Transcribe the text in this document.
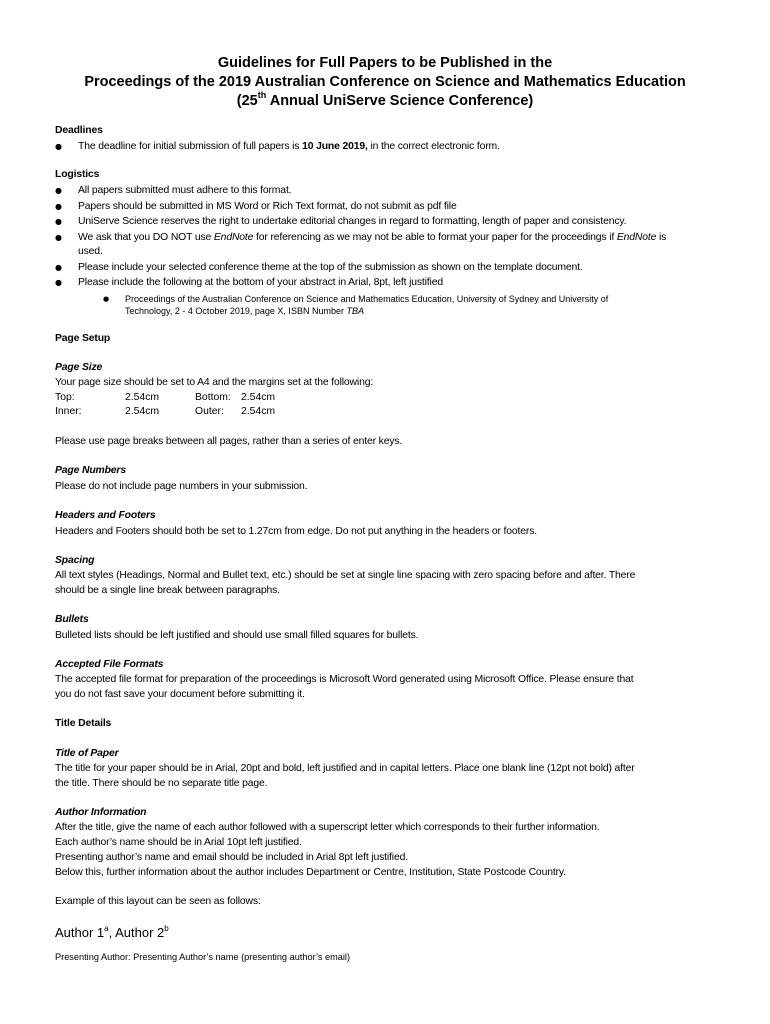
Guidelines for Full Papers to be Published in the
Proceedings of the 2019 Australian Conference on Science and Mathematics Education
(25th Annual UniServe Science Conference)
Deadlines
● The deadline for initial submission of full papers is 10 June 2019, in the correct electronic form.
Logistics
● All papers submitted must adhere to this format.
● Papers should be submitted in MS Word or Rich Text format, do not submit as pdf file
● UniServe Science reserves the right to undertake editorial changes in regard to formatting, length of paper and consistency.
● We ask that you DO NOT use EndNote for referencing as we may not be able to format your paper for the proceedings if EndNote is
used.
● Please include your selected conference theme at the top of the submission as shown on the template document.
● Please include the following at the bottom of your abstract in Arial, 8pt, left justified
● Proceedings of the Australian Conference on Science and Mathematics Education, University of Sydney and University of
Technology, 2 - 4 October 2019, page X, ISBN Number TBA
Page Setup
Page Size
Your page size should be set to A4 and the margins set at the following:
Top:	2.54cm	Bottom: 2.54cm
Inner:	2.54cm	Outer: 2.54cm
Please use page breaks between all pages, rather than a series of enter keys.
Page Numbers
Please do not include page numbers in your submission.
Headers and Footers
Headers and Footers should both be set to 1.27cm from edge. Do not put anything in the headers or footers.
Spacing
All text styles (Headings, Normal and Bullet text, etc.) should be set at single line spacing with zero spacing before and after. There
should be a single line break between paragraphs.
Bullets
Bulleted lists should be left justified and should use small filled squares for bullets.
Accepted File Formats
The accepted file format for preparation of the proceedings is Microsoft Word generated using Microsoft Office. Please ensure that
you do not fast save your document before submitting it.
Title Details
Title of Paper
The title for your paper should be in Arial, 20pt and bold, left justified and in capital letters. Place one blank line (12pt not bold) after
the title. There should be no separate title page.
Author Information
After the title, give the name of each author followed with a superscript letter which corresponds to their further information.
Each author’s name should be in Arial 10pt left justified.
Presenting author’s name and email should be included in Arial 8pt left justified.
Below this, further information about the author includes Department or Centre, Institution, State Postcode Country.
Example of this layout can be seen as follows:
Author 1$^a$, Author 2$^b$
Presenting Author: Presenting Author’s name (presenting author’s email)
